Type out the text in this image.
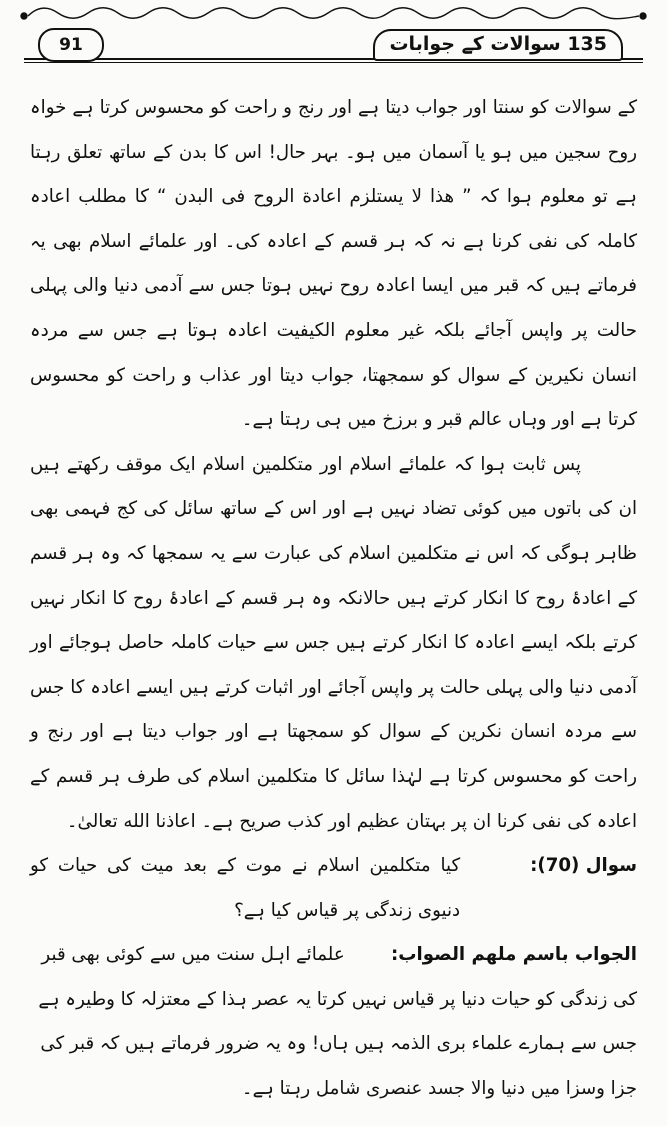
91	135 سوالات کے جوابات

کے سوالات کو سنتا اور جواب دیتا ہے اور رنج و راحت کو محسوس کرتا ہے خواہ روح سجین میں ہو یا آسمان میں ہو۔ بہر حال! اس کا بدن کے ساتھ تعلق رہتا ہے تو معلوم ہوا کہ ” هذا لا يستلزم اعادة الروح فى البدن “ کا مطلب اعادہ کاملہ کی نفی کرنا ہے نہ کہ ہر قسم کے اعادہ کی۔ اور علمائے اسلام بھی یہ فرماتے ہیں کہ قبر میں ایسا اعادہ روح نہیں ہوتا جس سے آدمی دنیا والی پہلی حالت پر واپس آجائے بلکہ غیر معلوم الکیفیت اعادہ ہوتا ہے جس سے مردہ انسان نکیرین کے سوال کو سمجھتا، جواب دیتا اور عذاب و راحت کو محسوس کرتا ہے اور وہاں عالم قبر و برزخ میں ہی رہتا ہے۔

پس ثابت ہوا کہ علمائے اسلام اور متکلمین اسلام ایک موقف رکھتے ہیں ان کی باتوں میں کوئی تضاد نہیں ہے اور اس کے ساتھ سائل کی کج فہمی بھی ظاہر ہوگی کہ اس نے متکلمین اسلام کی عبارت سے یہ سمجھا کہ وہ ہر قسم کے اعادۂ روح کا انکار کرتے ہیں حالانکہ وہ ہر قسم کے اعادۂ روح کا انکار نہیں کرتے بلکہ ایسے اعادہ کا انکار کرتے ہیں جس سے حیات کاملہ حاصل ہوجائے اور آدمی دنیا والی پہلی حالت پر واپس آجائے اور اثبات کرتے ہیں ایسے اعادہ کا جس سے مردہ انسان نکرین کے سوال کو سمجھتا ہے اور جواب دیتا ہے اور رنج و راحت کو محسوس کرتا ہے لہٰذا سائل کا متکلمین اسلام کی طرف ہر قسم کے اعادہ کی نفی کرنا ان پر بہتان عظیم اور کذب صریح ہے۔ اعاذنا الله تعالیٰ۔

سوال (70):
کیا متکلمین اسلام نے موت کے بعد میت کی حیات کو دنیوی زندگی پر قیاس کیا ہے؟

الجواب باسم ملهم الصواب:        علمائے اہل سنت میں سے کوئی بھی قبر کی زندگی کو حیات دنیا پر قیاس نہیں کرتا یہ عصر ہذا کے معتزلہ کا وطیرہ ہے جس سے ہمارے علماء بری الذمہ ہیں ہاں! وہ یہ ضرور فرماتے ہیں کہ قبر کی جزا وسزا میں دنیا والا جسد عنصری شامل رہتا ہے۔
